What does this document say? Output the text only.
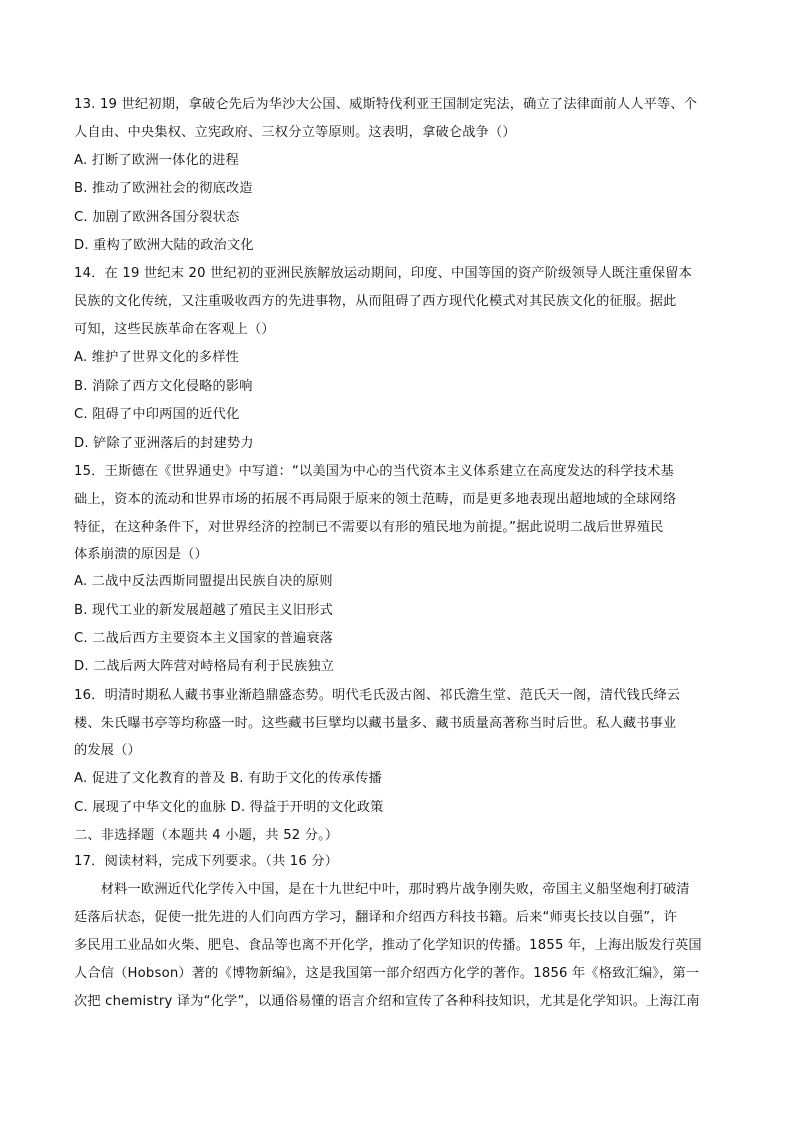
13. 19 世纪初期，拿破仑先后为华沙大公国、威斯特伐利亚王国制定宪法，确立了法律面前人人平等、个
人自由、中央集权、立宪政府、三权分立等原则。这表明，拿破仑战争（）
A. 打断了欧洲一体化的进程
B. 推动了欧洲社会的彻底改造
C. 加剧了欧洲各国分裂状态
D. 重构了欧洲大陆的政治文化
14．在 19 世纪末 20 世纪初的亚洲民族解放运动期间，印度、中国等国的资产阶级领导人既注重保留本
民族的文化传统，又注重吸收西方的先进事物，从而阻碍了西方现代化模式对其民族文化的征服。据此
可知，这些民族革命在客观上（）
A. 维护了世界文化的多样性
B. 消除了西方文化侵略的影响
C. 阻碍了中印两国的近代化
D. 铲除了亚洲落后的封建势力
15．王斯德在《世界通史》中写道：“以美国为中心的当代资本主义体系建立在高度发达的科学技术基
础上，资本的流动和世界市场的拓展不再局限于原来的领土范畴，而是更多地表现出超地域的全球网络
特征，在这种条件下，对世界经济的控制已不需要以有形的殖民地为前提。”据此说明二战后世界殖民
体系崩溃的原因是（）
A. 二战中反法西斯同盟提出民族自决的原则
B. 现代工业的新发展超越了殖民主义旧形式
C. 二战后西方主要资本主义国家的普遍衰落
D. 二战后两大阵营对峙格局有利于民族独立
16．明清时期私人藏书事业渐趋鼎盛态势。明代毛氏汲古阁、祁氏澹生堂、范氏天一阁，清代钱氏绛云
楼、朱氏曝书亭等均称盛一时。这些藏书巨擘均以藏书量多、藏书质量高著称当时后世。私人藏书事业
的发展（）
A. 促进了文化教育的普及 B. 有助于文化的传承传播
C. 展现了中华文化的血脉 D. 得益于开明的文化政策
二、非选择题（本题共 4 小题，共 52 分。）
17．阅读材料，完成下列要求。（共 16 分）
　　材料一欧洲近代化学传入中国，是在十九世纪中叶，那时鸦片战争刚失败，帝国主义船坚炮利打破清
廷落后状态，促使一批先进的人们向西方学习，翻译和介绍西方科技书籍。后来“师夷长技以自强”，许
多民用工业品如火柴、肥皂、食品等也离不开化学，推动了化学知识的传播。1855 年，上海出版发行英国
人合信（Hobson）著的《博物新编》，这是我国第一部介绍西方化学的著作。1856 年《格致汇编》，第一
次把 chemistry 译为“化学”，以通俗易懂的语言介绍和宣传了各种科技知识，尤其是化学知识。上海江南
